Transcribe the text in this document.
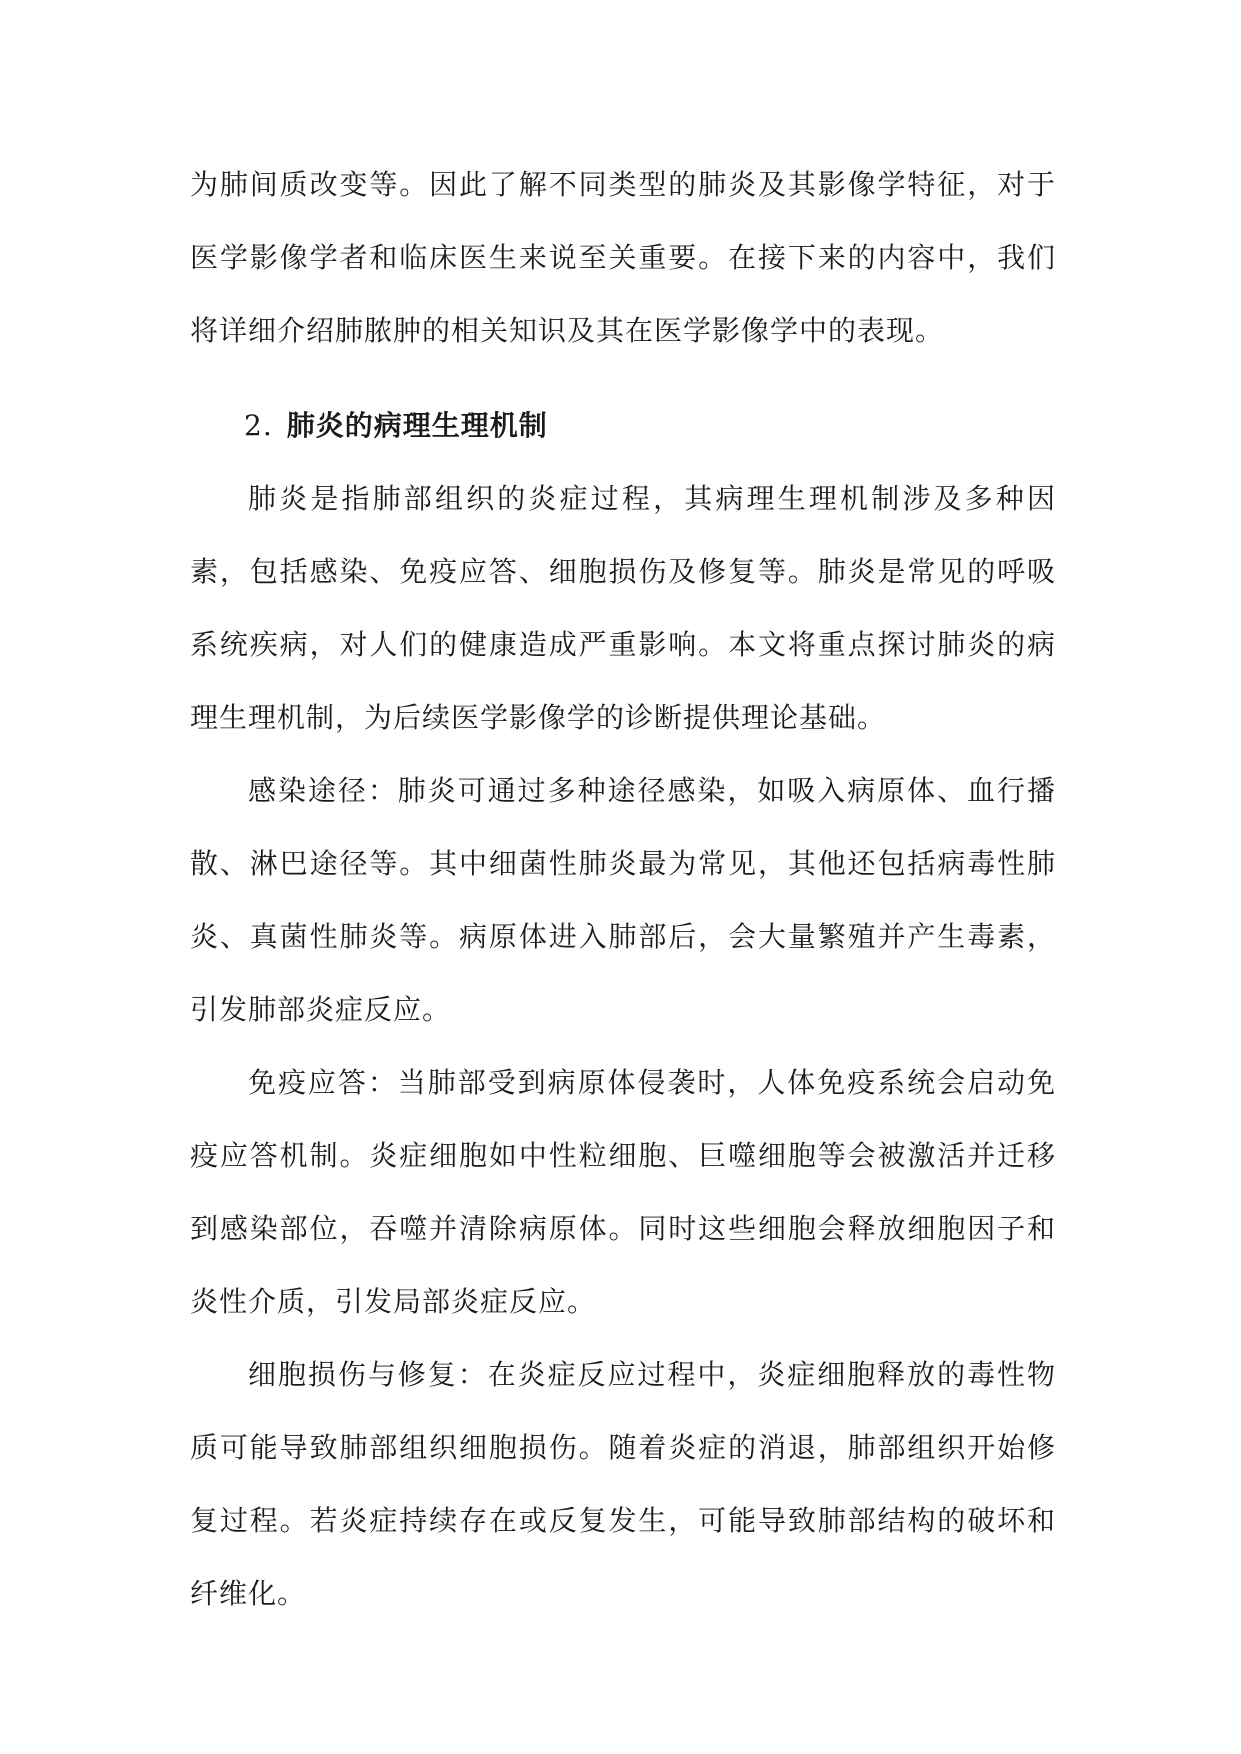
为肺间质改变等。因此了解不同类型的肺炎及其影像学特征，对于医学影像学者和临床医生来说至关重要。在接下来的内容中，我们将详细介绍肺脓肿的相关知识及其在医学影像学中的表现。

2. 肺炎的病理生理机制

肺炎是指肺部组织的炎症过程，其病理生理机制涉及多种因素，包括感染、免疫应答、细胞损伤及修复等。肺炎是常见的呼吸系统疾病，对人们的健康造成严重影响。本文将重点探讨肺炎的病理生理机制，为后续医学影像学的诊断提供理论基础。

感染途径：肺炎可通过多种途径感染，如吸入病原体、血行播散、淋巴途径等。其中细菌性肺炎最为常见，其他还包括病毒性肺炎、真菌性肺炎等。病原体进入肺部后，会大量繁殖并产生毒素，引发肺部炎症反应。

免疫应答：当肺部受到病原体侵袭时，人体免疫系统会启动免疫应答机制。炎症细胞如中性粒细胞、巨噬细胞等会被激活并迁移到感染部位，吞噬并清除病原体。同时这些细胞会释放细胞因子和炎性介质，引发局部炎症反应。

细胞损伤与修复：在炎症反应过程中，炎症细胞释放的毒性物质可能导致肺部组织细胞损伤。随着炎症的消退，肺部组织开始修复过程。若炎症持续存在或反复发生，可能导致肺部结构的破坏和纤维化。
